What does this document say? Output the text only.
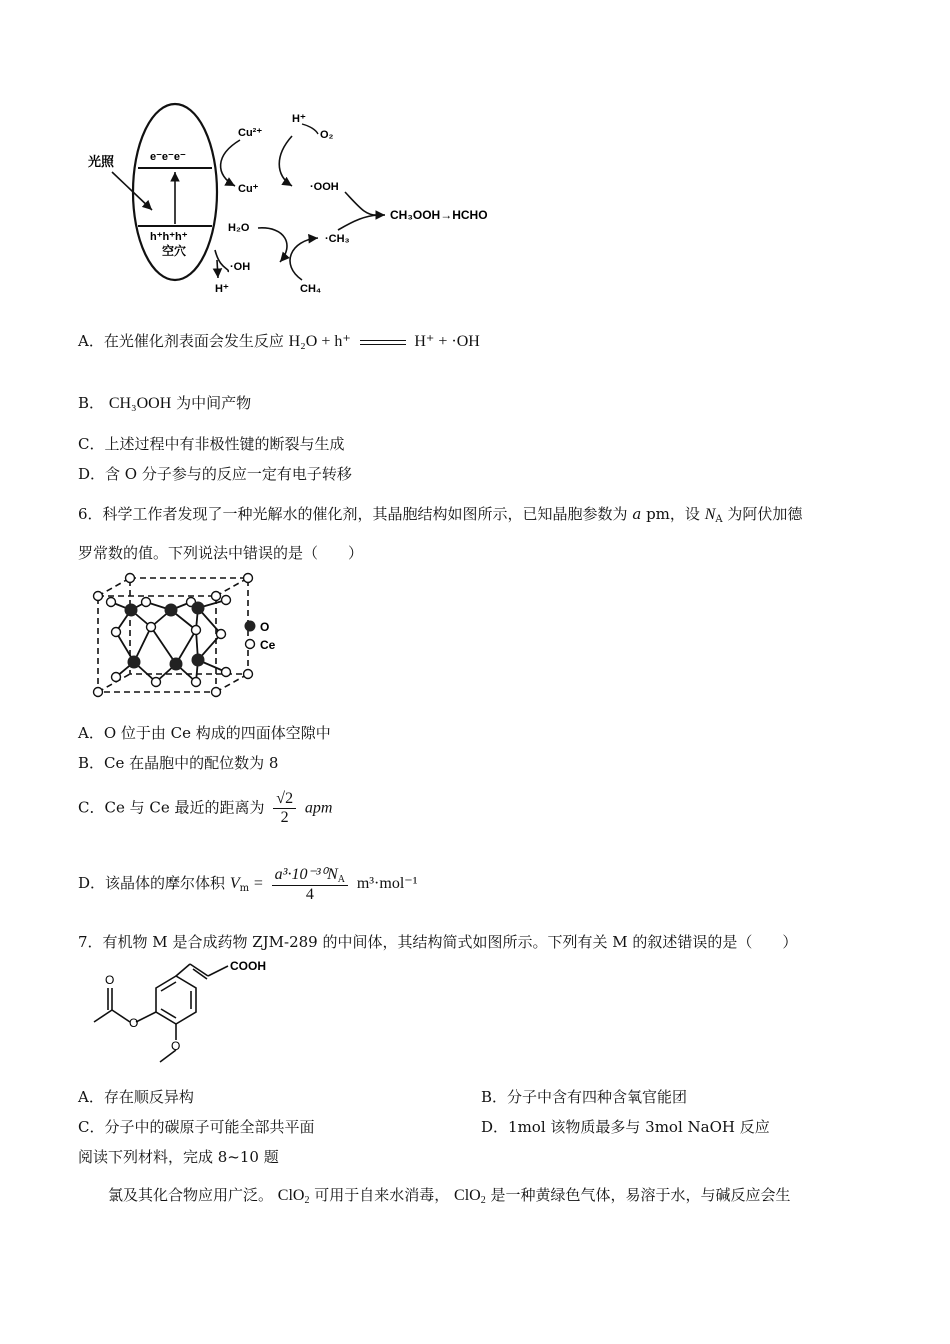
e⁻e⁻e⁻
h⁺h⁺h⁺
空穴
光照
Cu²⁺
Cu⁺
H⁺
O₂
·OOH
CH₃OOH→HCHO
H₂O
·CH₃
·OH
H⁺	CH₄
A．在光催化剂表面会发生反应 H₂O + h⁺	H⁺ + ·OH
B． CH₃OOH 为中间产物
C．上述过程中有非极性键的断裂与生成
D．含 O 分子参与的反应一定有电子转移
6．科学工作者发现了一种光解水的催化剂，其晶胞结构如图所示，已知晶胞参数为 a pm，设 $N_A$ 为阿伏加德
罗常数的值。下列说法中错误的是（　　）
O
Ce
A．O 位于由 Ce 构成的四面体空隙中
B．Ce 在晶胞中的配位数为 8
C．Ce 与 Ce 最近的距离为 $\frac{√2}{2}$ apm
D．该晶体的摩尔体积 $V_m = \frac{a^3\cdot 10^{-30}N_A}{4} m^3\cdot mol^{-1}$
7．有机物 M 是合成药物 ZJM-289 的中间体，其结构简式如图所示。下列有关 M 的叙述错误的是（　　）
COOH
O
O
O
A．存在顺反异构	B．分子中含有四种含氧官能团
C．分子中的碳原子可能全部共平面	D．1mol 该物质最多与 3mol NaOH 反应
阅读下列材料，完成 8~10 题
氯及其化合物应用广泛。 ClO$_2$ 可用于自来水消毒， ClO$_2$ 是一种黄绿色气体，易溶于水，与碱反应会生
